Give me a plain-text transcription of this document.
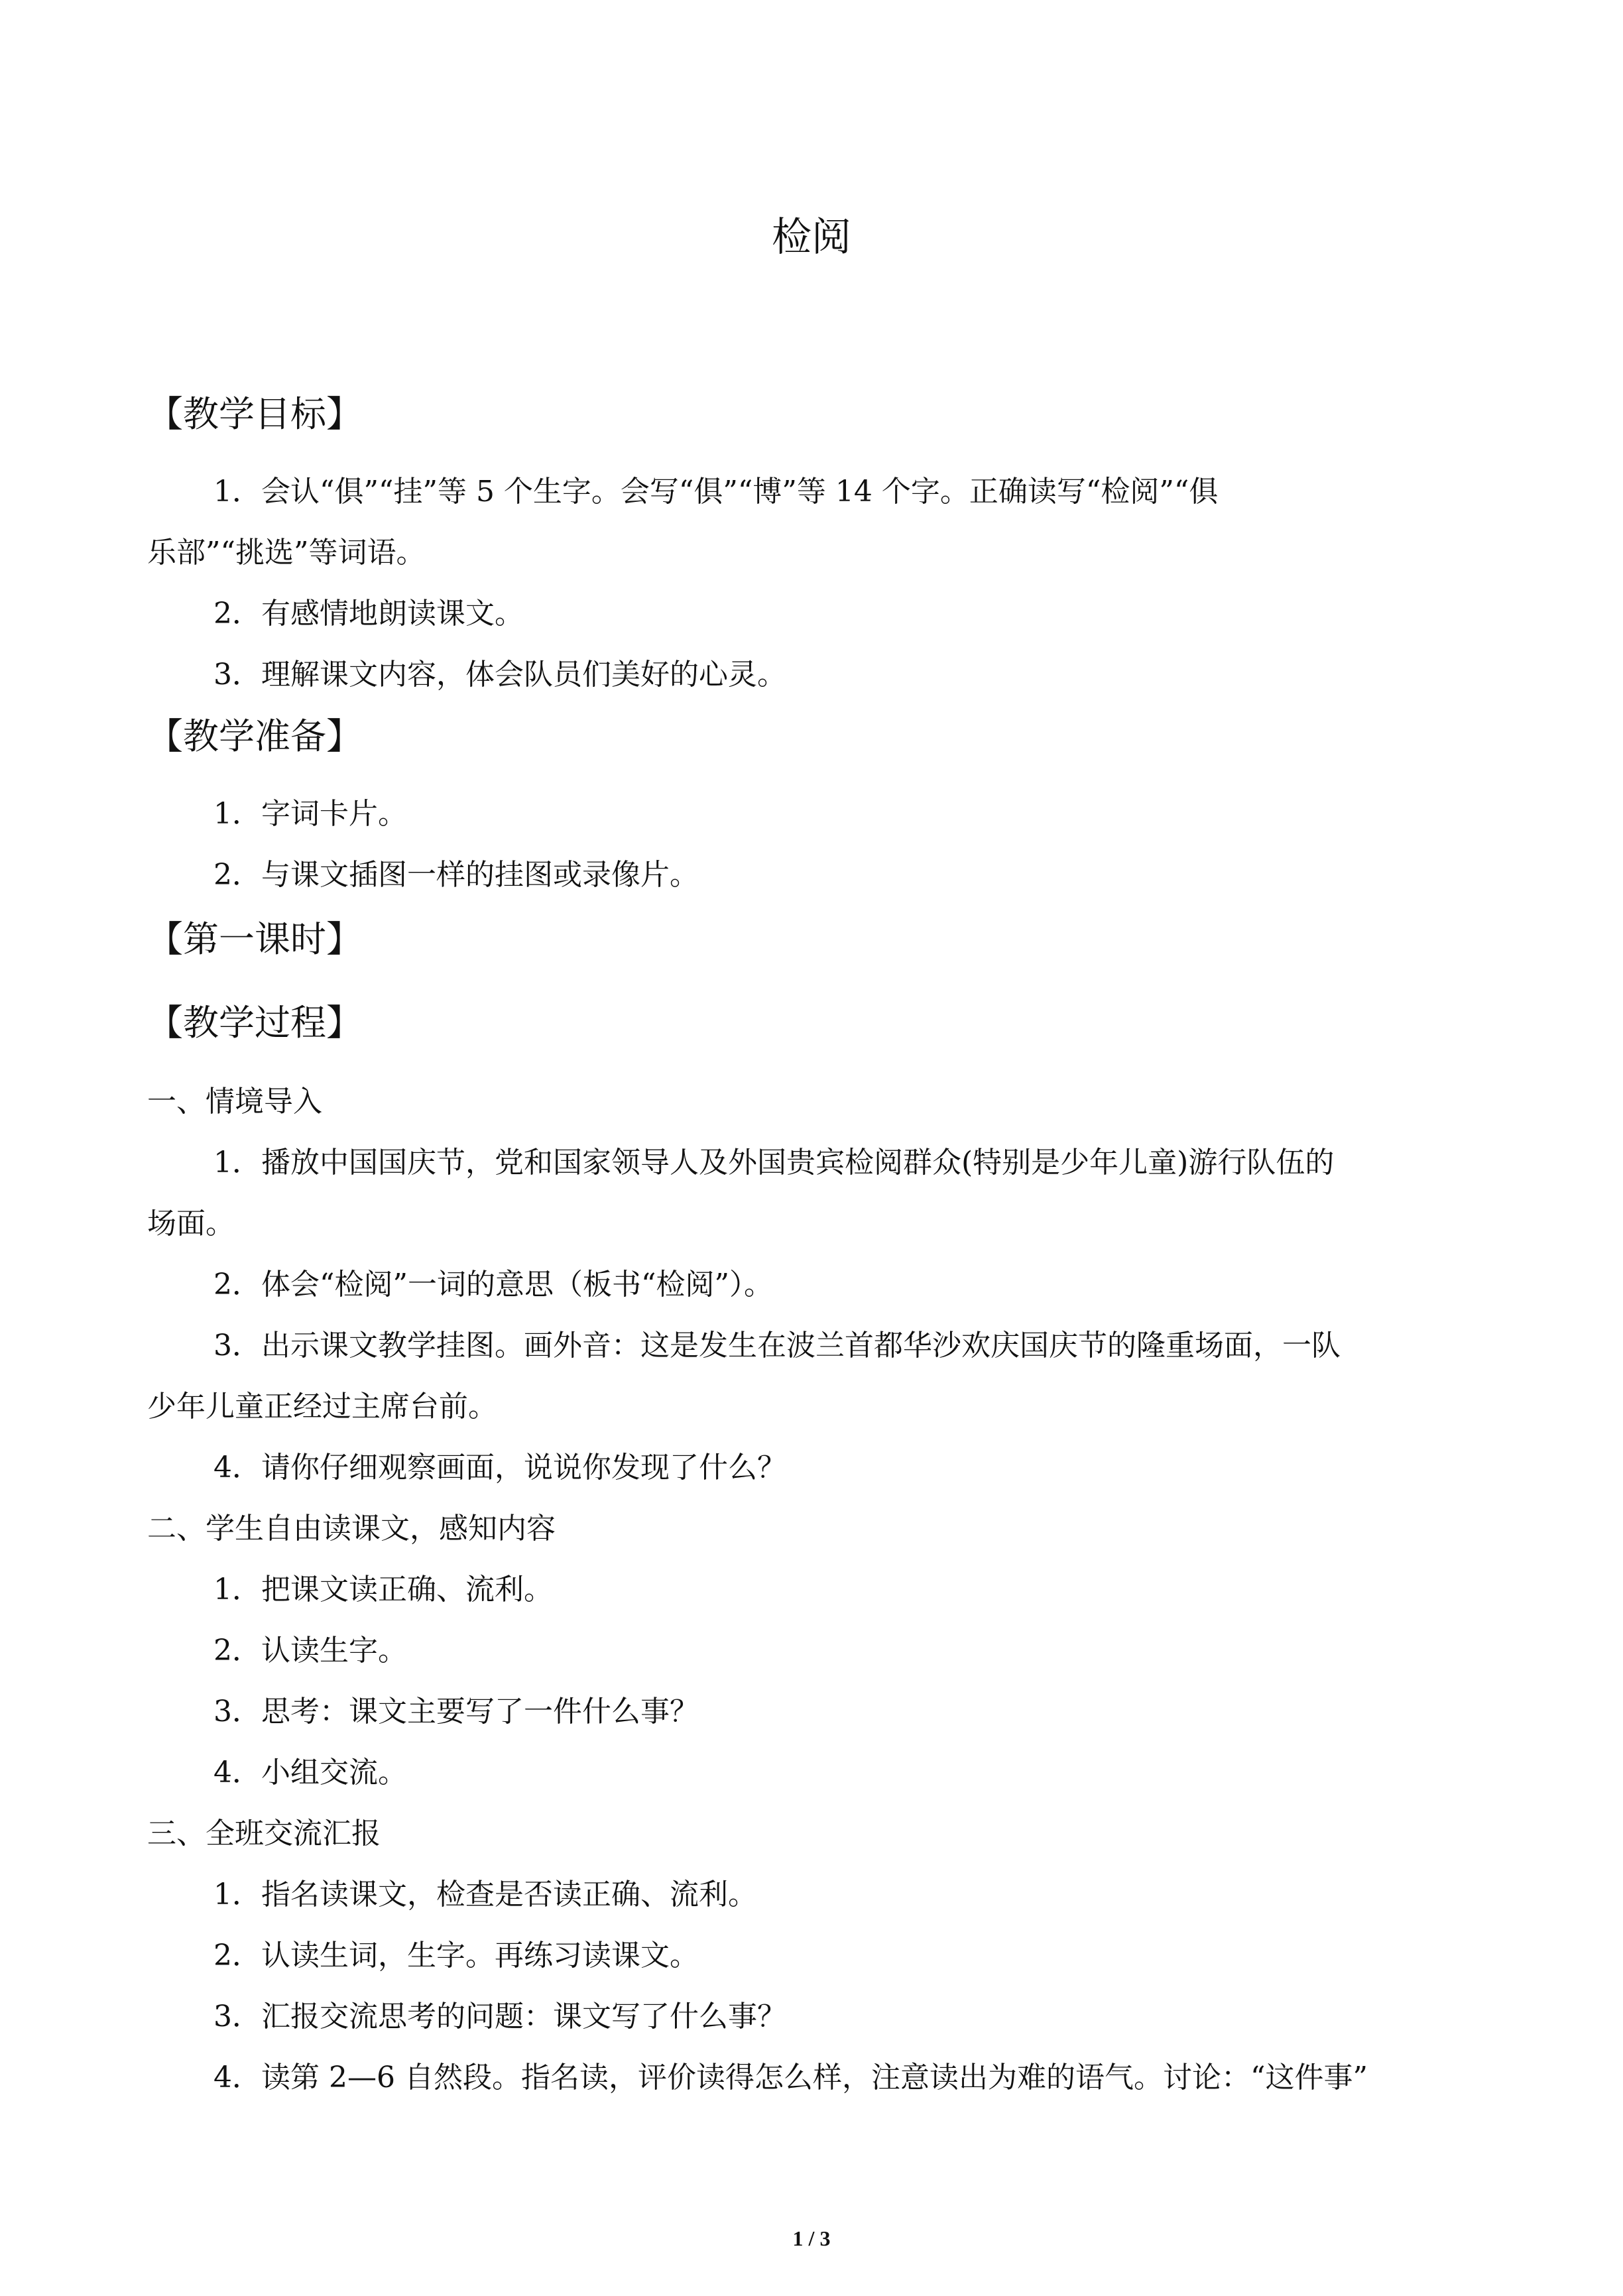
检阅
【教学目标】
1．会认“俱”“挂”等 5 个生字。会写“俱”“博”等 14 个字。正确读写“检阅”“俱
乐部”“挑选”等词语。
2．有感情地朗读课文。
3．理解课文内容，体会队员们美好的心灵。
【教学准备】
1．字词卡片。
2．与课文插图一样的挂图或录像片。
【第一课时】
【教学过程】
一、情境导入
1．播放中国国庆节，党和国家领导人及外国贵宾检阅群众(特别是少年儿童)游行队伍的
场面。
2．体会“检阅”一词的意思（板书“检阅”）。
3．出示课文教学挂图。画外音：这是发生在波兰首都华沙欢庆国庆节的隆重场面，一队
少年儿童正经过主席台前。
4．请你仔细观察画面，说说你发现了什么？
二、学生自由读课文，感知内容
1．把课文读正确、流利。
2．认读生字。
3．思考：课文主要写了一件什么事？
4．小组交流。
三、全班交流汇报
1．指名读课文，检查是否读正确、流利。
2．认读生词，生字。再练习读课文。
3．汇报交流思考的问题：课文写了什么事？
4．读第 2—6 自然段。指名读，评价读得怎么样，注意读出为难的语气。讨论：“这件事”
1 / 3
